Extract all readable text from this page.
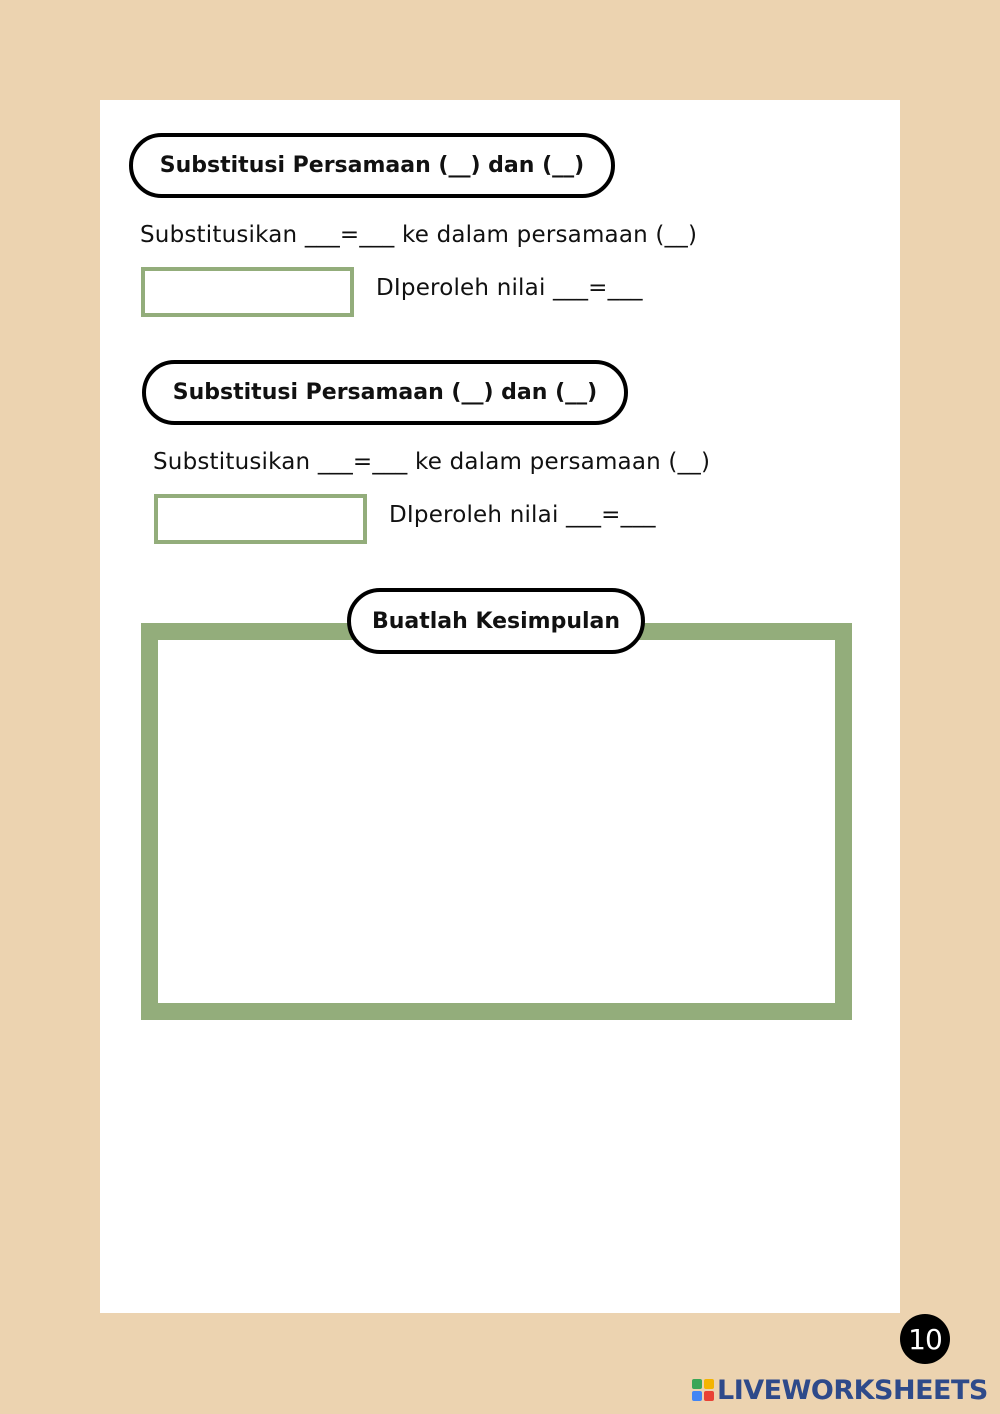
Substitusi Persamaan (__) dan (__)
Substitusikan ___=___ ke dalam persamaan (__)
DIperoleh nilai ___=___
Substitusi Persamaan (__) dan (__)
Substitusikan ___=___ ke dalam persamaan (__)
DIperoleh nilai ___=___
Buatlah Kesimpulan
10
LIVEWORKSHEETS
